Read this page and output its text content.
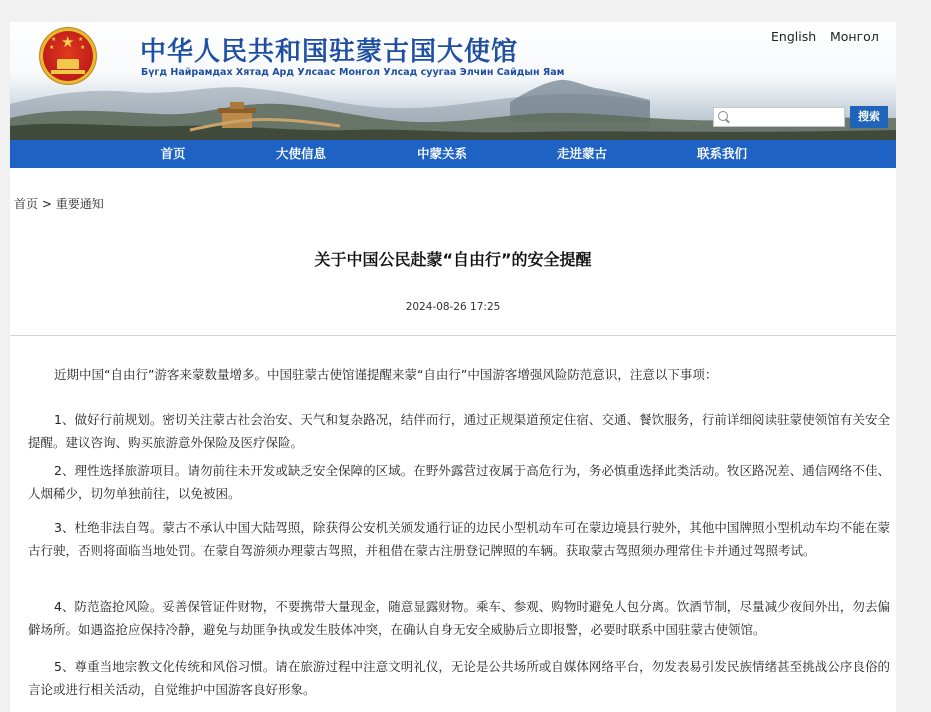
★
★	★
★	★ 中华人民共和国驻蒙古国大使馆
Бүгд Найрамдах Хятад Ард Улсаас Монгол Улсад суугаа Элчин Сайдын Яам
English Монгол
搜索
首页	大使信息	中蒙关系	走进蒙古	联系我们
首页 > 重要通知
关于中国公民赴蒙“自由行”的安全提醒
2024-08-26 17:25

近期中国“自由行”游客来蒙数量增多。中国驻蒙古使馆谨提醒来蒙“自由行”中国游客增强风险防范意识，注意以下事项：

1、做好行前规划。密切关注蒙古社会治安、天气和复杂路况，结伴而行，通过正规渠道预定住宿、交通、餐饮服务，行前详细阅读驻蒙使领馆有关安全提醒。建议咨询、购买旅游意外保险及医疗保险。

2、理性选择旅游项目。请勿前往未开发或缺乏安全保障的区域。在野外露营过夜属于高危行为，务必慎重选择此类活动。牧区路况差、通信网络不佳、人烟稀少，切勿单独前往，以免被困。

3、杜绝非法自驾。蒙古不承认中国大陆驾照，除获得公安机关颁发通行证的边民小型机动车可在蒙边境县行驶外，其他中国牌照小型机动车均不能在蒙古行驶，否则将面临当地处罚。在蒙自驾游须办理蒙古驾照，并租借在蒙古注册登记牌照的车辆。获取蒙古驾照须办理常住卡并通过驾照考试。

4、防范盗抢风险。妥善保管证件财物，不要携带大量现金，随意显露财物。乘车、参观、购物时避免人包分离。饮酒节制，尽量减少夜间外出，勿去偏僻场所。如遇盗抢应保持冷静，避免与劫匪争执或发生肢体冲突，在确认自身无安全威胁后立即报警，必要时联系中国驻蒙古使领馆。

5、尊重当地宗教文化传统和风俗习惯。请在旅游过程中注意文明礼仪，无论是公共场所或自媒体网络平台，勿发表易引发民族情绪甚至挑战公序良俗的言论或进行相关活动，自觉维护中国游客良好形象。
